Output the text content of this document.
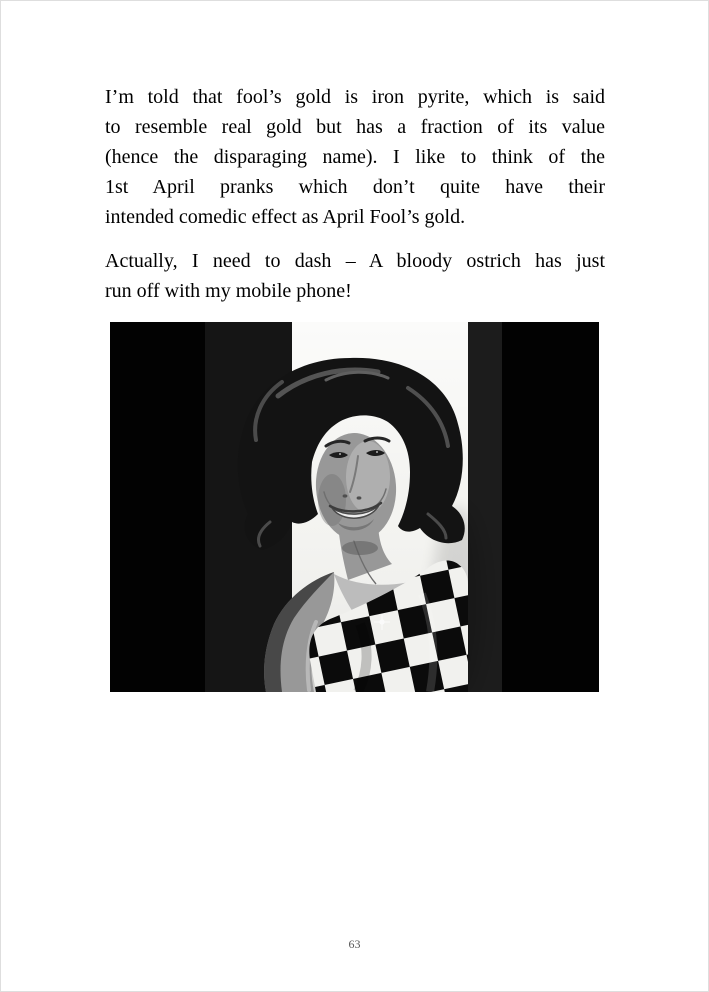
I’m told that fool’s gold is iron pyrite, which is said
to resemble real gold but has a fraction of its value
(hence the disparaging name). I like to think of the
1st April pranks which don’t quite have their
intended comedic effect as April Fool’s gold.
Actually, I need to dash – A bloody ostrich has just
run off with my mobile phone!
63
